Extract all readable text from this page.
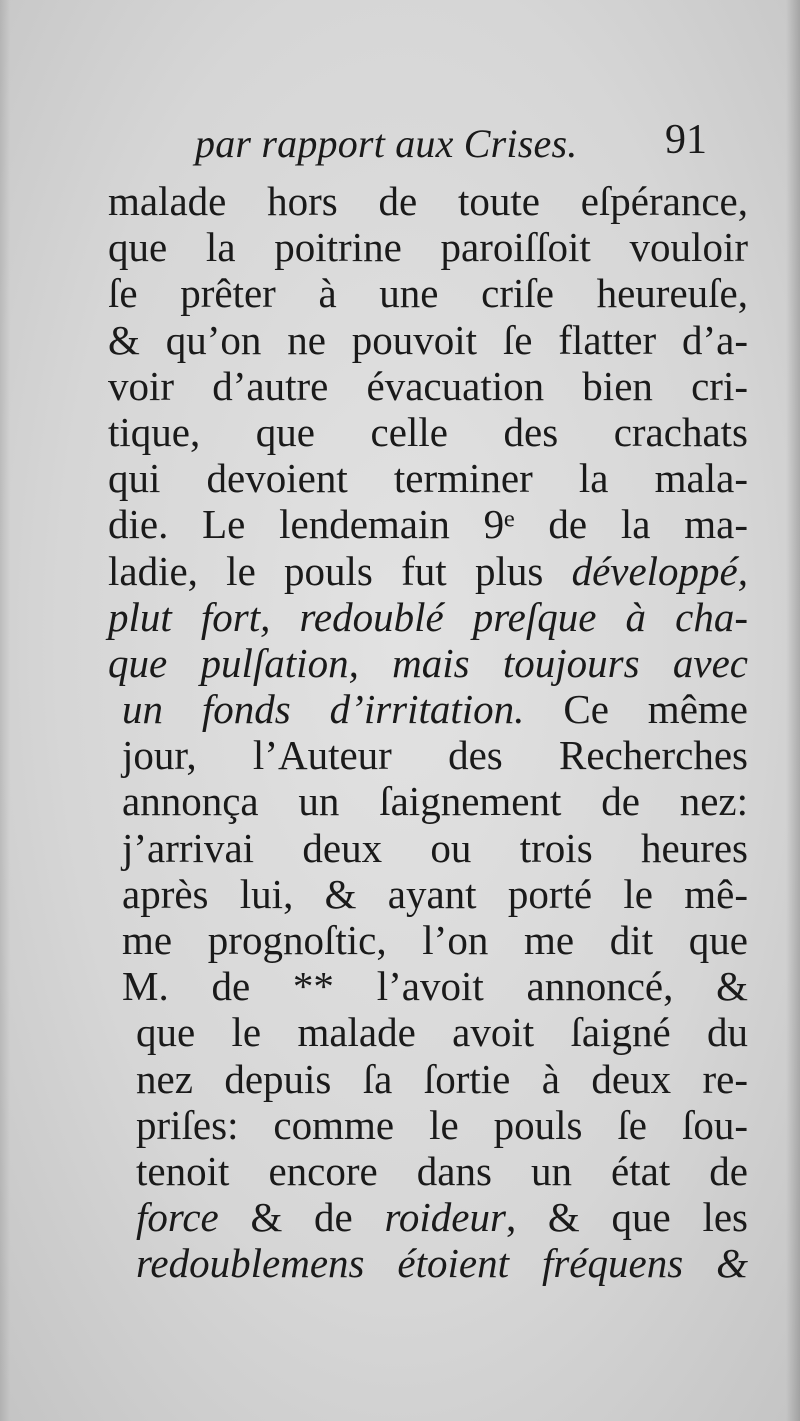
par rapport aux Crises. 91
malade hors de toute eſpérance,
que la poitrine paroiſſoit vouloir
ſe prêter à une criſe heureuſe,
& qu’on ne pouvoit ſe flatter d’a-
voir d’autre évacuation bien cri-
tique, que celle des crachats
qui devoient terminer la mala-
die. Le lendemain 9ᵉ de la ma-
ladie, le pouls fut plus développé,
plut fort, redoublé preſque à cha-
que pulſation, mais toujours avec
un fonds d’irritation. Ce même
jour, l’Auteur des Recherches
annonça un ſaignement de nez:
j’arrivai deux ou trois heures
après lui, & ayant porté le mê-
me prognoſtic, l’on me dit que
M. de ** l’avoit annoncé, &
que le malade avoit ſaigné du
nez depuis ſa ſortie à deux re-
priſes: comme le pouls ſe ſou-
tenoit encore dans un état de
force & de roideur, & que les
redoublemens étoient fréquens &
